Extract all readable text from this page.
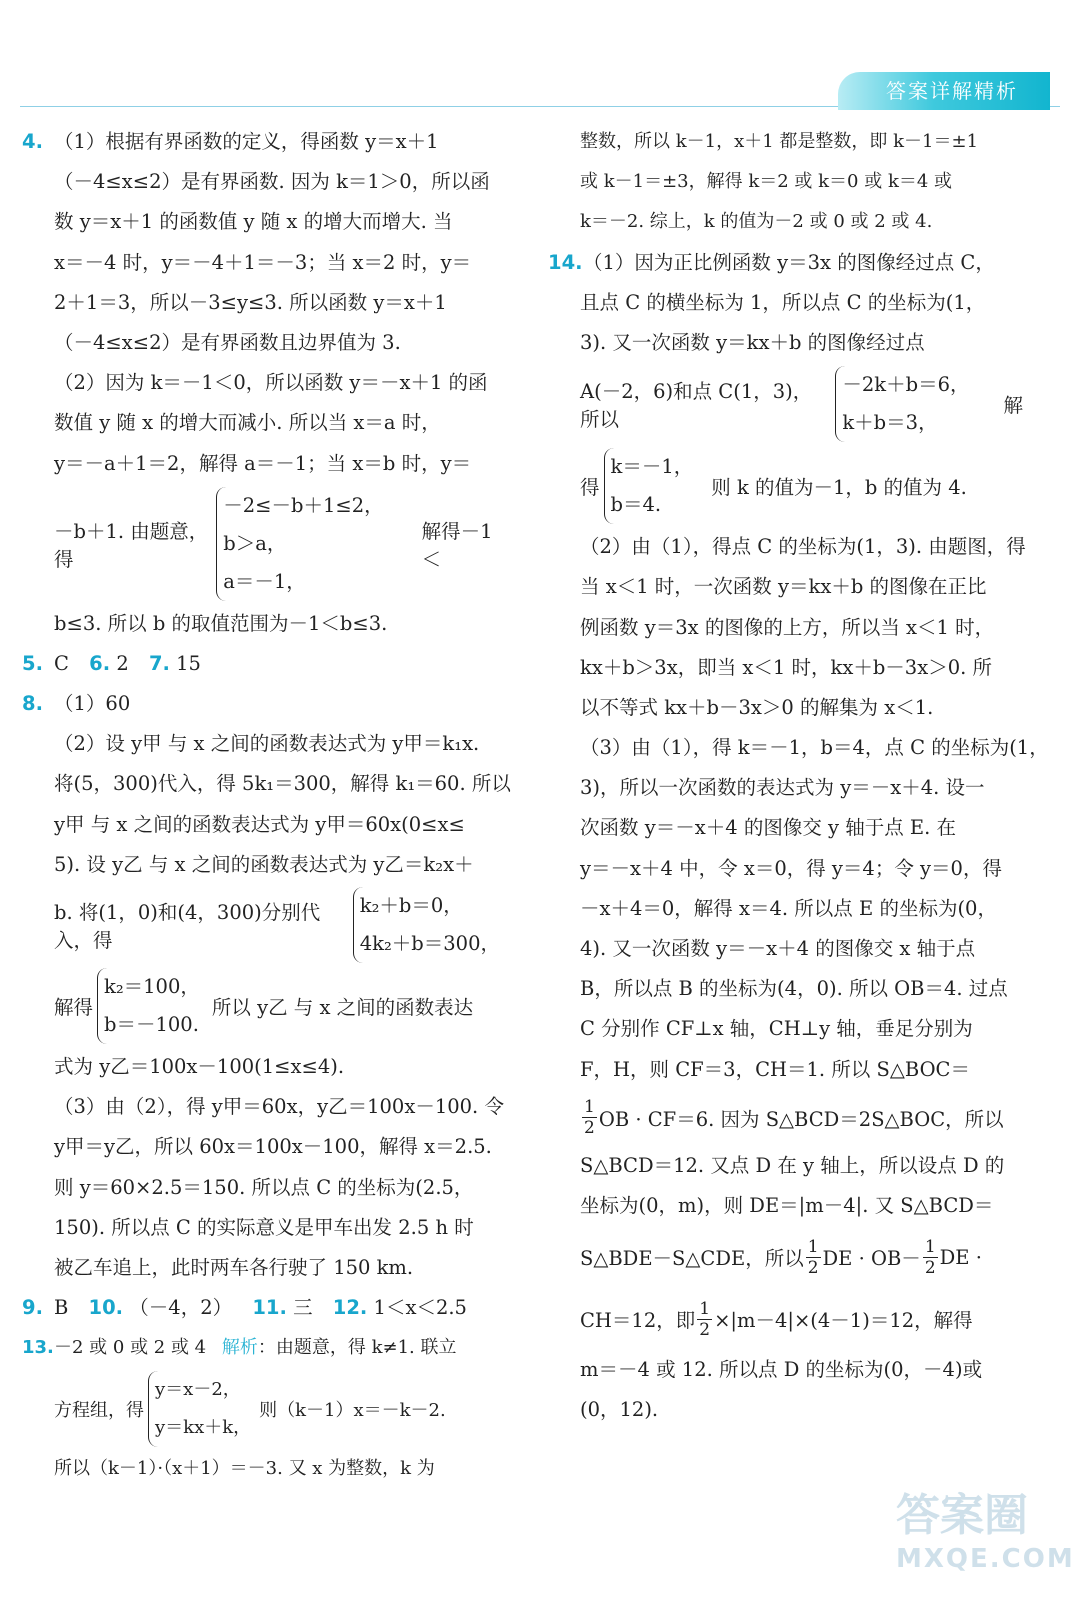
答案详解精析
4. （1）根据有界函数的定义，得函数 y＝x＋1
（－4≤x≤2）是有界函数. 因为 k＝1＞0，所以函
数 y＝x＋1 的函数值 y 随 x 的增大而增大. 当
x＝－4 时，y＝－4＋1＝－3；当 x＝2 时，y＝
2＋1＝3，所以－3≤y≤3. 所以函数 y＝x＋1
（－4≤x≤2）是有界函数且边界值为 3.
（2）因为 k＝－1＜0，所以函数 y＝－x＋1 的函
数值 y 随 x 的增大而减小. 所以当 x＝a 时，
y＝－a＋1＝2，解得 a＝－1；当 x＝b 时，y＝
－b＋1. 由题意，得
－2≤－b＋1≤2，
b＞a，
a＝－1，
解得－1＜
b≤3. 所以 b 的取值范围为－1＜b≤3.
5. C 6. 2 7. 15
8. （1）60
（2）设 y甲 与 x 之间的函数表达式为 y甲＝k₁x.
将(5，300)代入，得 5k₁＝300，解得 k₁＝60. 所以
y甲 与 x 之间的函数表达式为 y甲＝60x(0≤x≤
5). 设 y乙 与 x 之间的函数表达式为 y乙＝k₂x＋
b. 将(1，0)和(4，300)分别代入，得
k₂＋b＝0，
4k₂＋b＝300，
解得
k₂＝100，
b＝－100.
所以 y乙 与 x 之间的函数表达
式为 y乙＝100x－100(1≤x≤4).
（3）由（2），得 y甲＝60x，y乙＝100x－100. 令
y甲＝y乙，所以 60x＝100x－100，解得 x＝2.5.
则 y＝60×2.5＝150. 所以点 C 的坐标为(2.5，
150). 所以点 C 的实际意义是甲车出发 2.5 h 时
被乙车追上，此时两车各行驶了 150 km.
9. B 10. （－4，2） 11. 三 12. 1＜x＜2.5
13.－2 或 0 或 2 或 4 解析：由题意，得 k≠1. 联立
方程组，得
y＝x－2，
y＝kx＋k，
则（k－1）x＝－k－2.
所以（k－1）·（x＋1）＝－3. 又 x 为整数，k 为
整数，所以 k－1，x＋1 都是整数，即 k－1＝±1
或 k－1＝±3，解得 k＝2 或 k＝0 或 k＝4 或
k＝－2. 综上，k 的值为－2 或 0 或 2 或 4.
14.（1）因为正比例函数 y＝3x 的图像经过点 C，
且点 C 的横坐标为 1，所以点 C 的坐标为(1，
3). 又一次函数 y＝kx＋b 的图像经过点
A(－2，6)和点 C(1，3)，所以
－2k＋b＝6，
k＋b＝3，
解
得
k＝－1，
b＝4.
则 k 的值为－1，b 的值为 4.
（2）由（1），得点 C 的坐标为(1，3). 由题图，得
当 x＜1 时，一次函数 y＝kx＋b 的图像在正比
例函数 y＝3x 的图像的上方，所以当 x＜1 时，
kx＋b＞3x，即当 x＜1 时，kx＋b－3x＞0. 所
以不等式 kx＋b－3x＞0 的解集为 x＜1.
（3）由（1），得 k＝－1，b＝4，点 C 的坐标为(1，
3)，所以一次函数的表达式为 y＝－x＋4. 设一
次函数 y＝－x＋4 的图像交 y 轴于点 E. 在
y＝－x＋4 中，令 x＝0，得 y＝4；令 y＝0，得
－x＋4＝0，解得 x＝4. 所以点 E 的坐标为(0，
4). 又一次函数 y＝－x＋4 的图像交 x 轴于点
B，所以点 B 的坐标为(4，0). 所以 OB＝4. 过点
C 分别作 CF⊥x 轴，CH⊥y 轴，垂足分别为
F，H，则 CF＝3，CH＝1. 所以 S△BOC＝
$\frac{1}{2}$ OB · CF＝6. 因为 S△BCD＝2S△BOC，所以
S△BCD＝12. 又点 D 在 y 轴上，所以设点 D 的
坐标为(0，m)，则 DE＝|m－4|. 又 S△BCD＝
S△BDE－S△CDE，所以 $\frac{1}{2}$ DE · $OB- \frac{1}{2}$ DE ·
CH＝12，即 $\frac{1}{2} \times|m-4|\times(4-1)=12$，解得
m＝－4 或 12. 所以点 D 的坐标为(0，－4)或
(0，12).
答案圈
MXQE.COM
